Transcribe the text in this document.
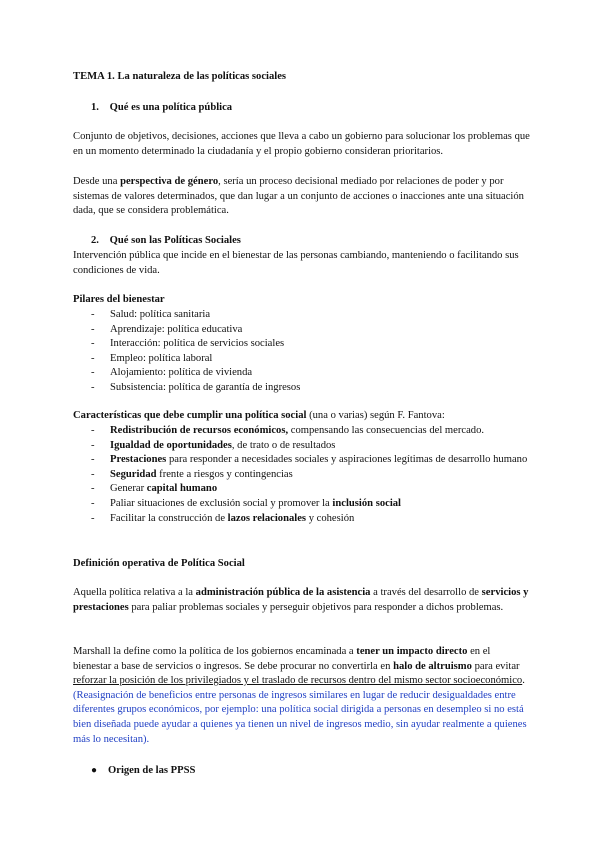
TEMA 1. La naturaleza de las políticas sociales
1. Qué es una política pública

Conjunto de objetivos, decisiones, acciones que lleva a cabo un gobierno para solucionar los problemas que en un momento determinado la ciudadanía y el propio gobierno consideran prioritarios.

Desde una perspectiva de género, sería un proceso decisional mediado por relaciones de poder y por sistemas de valores determinados, que dan lugar a un conjunto de acciones o inacciones ante una situación dada, que se considera problemática.

2. Qué son las Políticas Sociales

Intervención pública que incide en el bienestar de las personas cambiando, manteniendo o facilitando sus condiciones de vida.

Pilares del bienestar
- Salud: política sanitaria
- Aprendizaje: política educativa
- Interacción: política de servicios sociales
- Empleo: política laboral
- Alojamiento: política de vivienda
- Subsistencia: política de garantía de ingresos
Características que debe cumplir una política social (una o varias) según F. Fantova:
- Redistribución de recursos económicos, compensando las consecuencias del mercado.
- Igualdad de oportunidades, de trato o de resultados
- Prestaciones para responder a necesidades sociales y aspiraciones legítimas de desarrollo humano
- Seguridad frente a riesgos y contingencias
- Generar capital humano
- Paliar situaciones de exclusión social y promover la inclusión social
- Facilitar la construcción de lazos relacionales y cohesión
Definición operativa de Política Social

Aquella política relativa a la administración pública de la asistencia a través del desarrollo de servicios y prestaciones para paliar problemas sociales y perseguir objetivos para responder a dichos problemas.

Marshall la define como la política de los gobiernos encaminada a tener un impacto directo en el bienestar a base de servicios o ingresos. Se debe procurar no convertirla en halo de altruismo para evitar reforzar la posición de los privilegiados y el traslado de recursos dentro del mismo sector socioeconómico. (Reasignación de beneficios entre personas de ingresos similares en lugar de reducir desigualdades entre diferentes grupos económicos, por ejemplo: una política social dirigida a personas en desempleo si no está bien diseñada puede ayudar a quienes ya tienen un nivel de ingresos medio, sin ayudar realmente a quienes más lo necesitan).

● Origen de las PPSS
